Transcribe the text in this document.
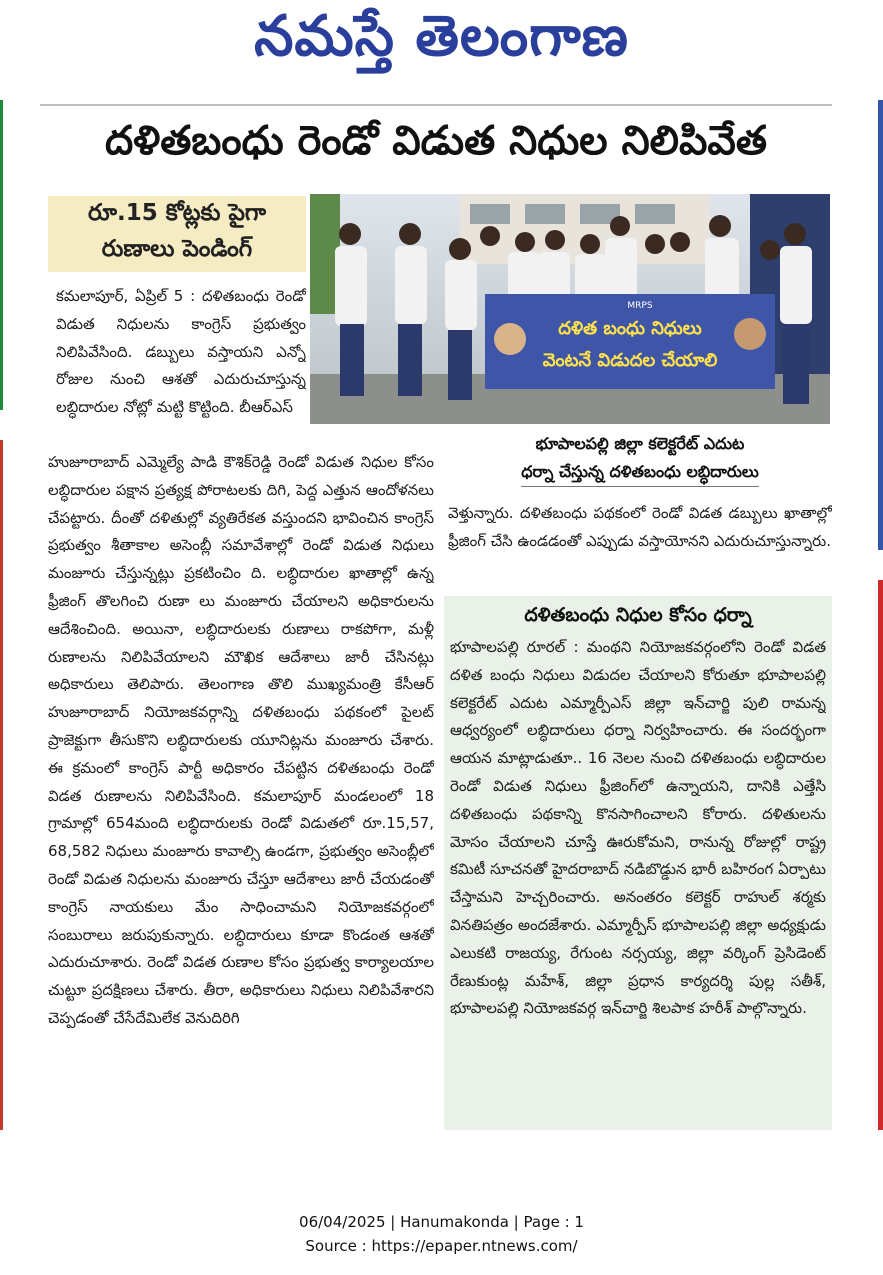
నమస్తే తెలంగాణ
దళితబంధు రెండో విడుత నిధుల నిలిపివేత
రూ.15 కోట్లకు పైగా
రుణాలు పెండింగ్

కమలాపూర్, ఏప్రిల్ 5 : దళితబంధు రెండో విడుత నిధులను కాంగ్రెస్ ప్రభుత్వం నిలిపివేసింది. డబ్బులు వస్తాయని ఎన్నో రోజుల నుంచి ఆశతో ఎదురుచూస్తున్న లబ్ధిదారుల నోట్లో మట్టి కొట్టింది. బీఆర్‌ఎస్

దళిత బంధు నిధులు
వెంటనే విడుదల చేయాలి
MRPS
భూపాలపల్లి జిల్లా కలెక్టరేట్ ఎదుట
ధర్నా చేస్తున్న దళితబంధు లబ్ధిదారులు

హుజూరాబాద్ ఎమ్మెల్యే పాడి కౌశిక్‌రెడ్డి రెండో విడుత నిధుల కోసం లబ్ధిదారుల పక్షాన ప్రత్యక్ష పోరాటలకు దిగి, పెద్ద ఎత్తున ఆందోళనలు చేపట్టారు. దీంతో దళితుల్లో వ్యతిరేకత వస్తుందని భావించిన కాంగ్రెస్ ప్రభుత్వం శీతాకాల అసెంబ్లీ సమావేశాల్లో రెండో విడుత నిధులు మంజూరు చేస్తున్నట్లు ప్రకటించిం ది. లబ్ధిదారుల ఖాతాల్లో ఉన్న ఫ్రీజింగ్ తొలగించి రుణా లు మంజూరు చేయాలని అధికారులను ఆదేశించింది. అయినా, లబ్ధిదారులకు రుణాలు రాకపోగా, మళ్లీ రుణాలను నిలిపివేయాలని మౌఖిక ఆదేశాలు జారీ చేసినట్లు అధికారులు తెలిపారు. తెలంగాణ తొలి ముఖ్యమంత్రి కేసీఆర్ హుజూరాబాద్ నియోజకవర్గాన్ని దళితబంధు పథకంలో పైలట్ ప్రాజెక్టుగా తీసుకొని లబ్ధిదారులకు యూనిట్లను మంజూరు చేశారు. ఈ క్రమంలో కాంగ్రెస్ పార్టీ అధికారం చేపట్టిన దళితబంధు రెండో విడత రుణాలను నిలిపివేసింది. కమలాపూర్ మండలంలో 18 గ్రామాల్లో 654మంది లబ్ధిదారులకు రెండో విడుతలో రూ.15,57, 68,582 నిధులు మంజూరు కావాల్సి ఉండగా, ప్రభుత్వం అసెంబ్లీలో రెండో విడుత నిధులను మంజూరు చేస్తూ ఆదేశాలు జారీ చేయడంతో కాంగ్రెస్ నాయకులు మేం సాధించామని నియోజకవర్గంలో సంబురాలు జరుపుకున్నారు. లబ్ధిదారులు కూడా కొండంత ఆశతో ఎదురుచూశారు. రెండో విడత రుణాల కోసం ప్రభుత్వ కార్యాలయాల చుట్టూ ప్రదక్షిణలు చేశారు. తీరా, అధికారులు నిధులు నిలిపివేశారని చెప్పడంతో చేసేదేమిలేక వెనుదిరిగి

వెళ్తున్నారు. దళితబంధు పథకంలో రెండో విడత డబ్బులు ఖాతాల్లో ఫ్రీజింగ్ చేసి ఉండడంతో ఎప్పుడు వస్తాయోనని ఎదురుచూస్తున్నారు.

దళితబంధు నిధుల కోసం ధర్నా

భూపాలపల్లి రూరల్ : మంథని నియోజకవర్గంలోని రెండో విడత దళిత బంధు నిధులు విడుదల చేయాలని కోరుతూ భూపాలపల్లి కలెక్టరేట్ ఎదుట ఎమ్మార్పీఎస్ జిల్లా ఇన్‌చార్జి పులి రామన్న ఆధ్వర్యంలో లబ్ధిదారులు ధర్నా నిర్వహించారు. ఈ సందర్భంగా ఆయన మాట్లాడుతూ.. 16 నెలల నుంచి దళితబంధు లబ్ధిదారుల రెండో విడుత నిధులు ఫ్రీజింగ్‌లో ఉన్నాయని, దానికి ఎత్తేసి దళితబంధు పథకాన్ని కొనసాగించాలని కోరారు. దళితులను మోసం చేయాలని చూస్తే ఊరుకోమని, రానున్న రోజుల్లో రాష్ట్ర కమిటీ సూచనతో హైదరాబాద్ నడిబొడ్డున భారీ బహిరంగ ఏర్పాటు చేస్తామని హెచ్చరించారు. అనంతరం కలెక్టర్ రాహుల్ శర్మకు వినతిపత్రం అందజేశారు. ఎమ్మార్పీస్ భూపాలపల్లి జిల్లా అధ్యక్షుడు ఎలుకటి రాజయ్య, రేగుంట నర్సయ్య, జిల్లా వర్కింగ్ ప్రెసిడెంట్ రేణుకుంట్ల మహేశ్, జిల్లా ప్రధాన కార్యదర్శి పుల్ల సతీశ్, భూపాలపల్లి నియోజకవర్గ ఇన్‌చార్జి శిలపాక హరీశ్ పాల్గొన్నారు.

06/04/2025 | Hanumakonda | Page : 1
Source : https://epaper.ntnews.com/
